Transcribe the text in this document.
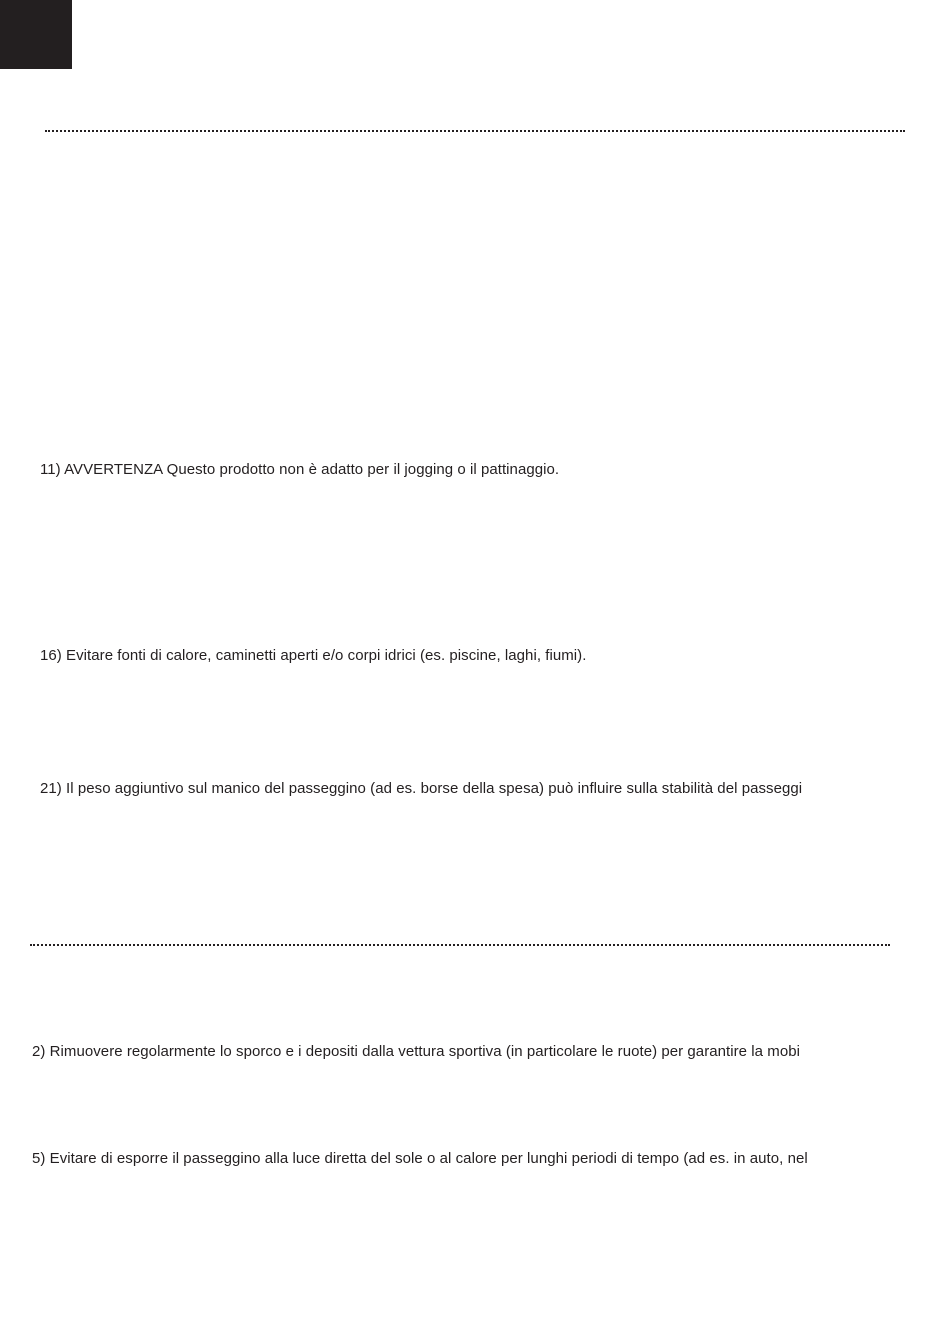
11) AVVERTENZA Questo prodotto non è adatto per il jogging o il pattinaggio.
16) Evitare fonti di calore, caminetti aperti e/o corpi idrici (es. piscine, laghi, fiumi).
21) Il peso aggiuntivo sul manico del passeggino (ad es. borse della spesa) può influire sulla stabilità del passeggi
2) Rimuovere regolarmente lo sporco e i depositi dalla vettura sportiva (in particolare le ruote) per garantire la mobi
5) Evitare di esporre il passeggino alla luce diretta del sole o al calore per lunghi periodi di tempo (ad es. in auto, nel
